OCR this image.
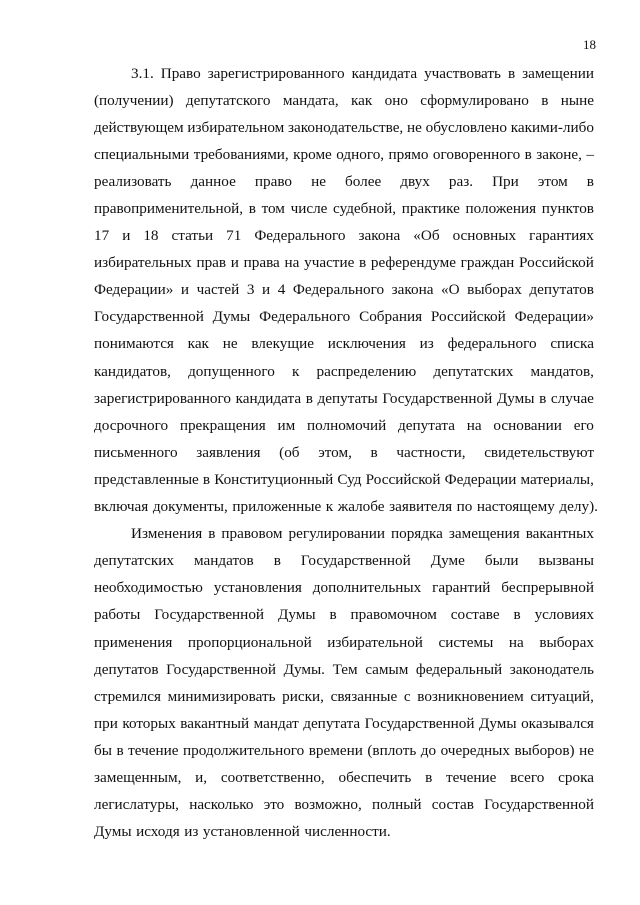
18
3.1. Право зарегистрированного кандидата участвовать в замещении
(получении) депутатского мандата, как оно сформулировано в ныне
действующем избирательном законодательстве, не обусловлено какими-либо
специальными требованиями, кроме одного, прямо оговоренного в законе, –
реализовать данное право не более двух раз. При этом в
правоприменительной, в том числе судебной, практике положения пунктов
17 и 18 статьи 71 Федерального закона «Об основных гарантиях
избирательных прав и права на участие в референдуме граждан Российской
Федерации» и частей 3 и 4 Федерального закона «О выборах депутатов
Государственной Думы Федерального Собрания Российской Федерации»
понимаются как не влекущие исключения из федерального списка
кандидатов, допущенного к распределению депутатских мандатов,
зарегистрированного кандидата в депутаты Государственной Думы в случае
досрочного прекращения им полномочий депутата на основании его
письменного заявления (об этом, в частности, свидетельствуют
представленные в Конституционный Суд Российской Федерации материалы,
включая документы, приложенные к жалобе заявителя по настоящему делу).
Изменения в правовом регулировании порядка замещения вакантных
депутатских мандатов в Государственной Думе были вызваны
необходимостью установления дополнительных гарантий беспрерывной
работы Государственной Думы в правомочном составе в условиях
применения пропорциональной избирательной системы на выборах
депутатов Государственной Думы. Тем самым федеральный законодатель
стремился минимизировать риски, связанные с возникновением ситуаций,
при которых вакантный мандат депутата Государственной Думы оказывался
бы в течение продолжительного времени (вплоть до очередных выборов) не
замещенным, и, соответственно, обеспечить в течение всего срока
легислатуры, насколько это возможно, полный состав Государственной
Думы исходя из установленной численности.
